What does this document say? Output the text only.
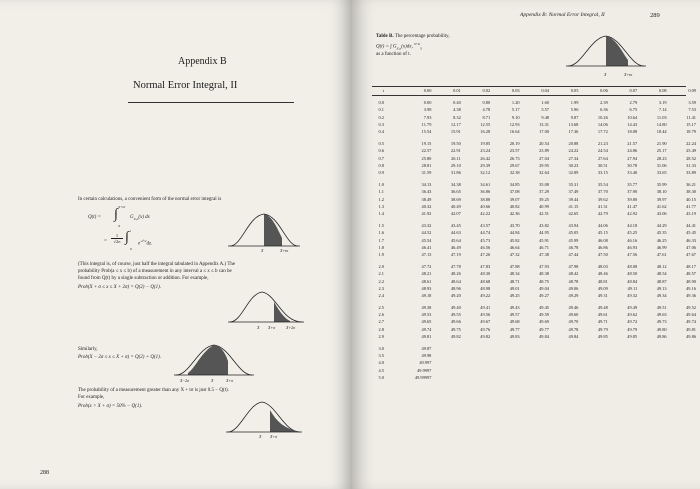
Appendix B
Normal Error Integral, II
In certain calculations, a convenient form of the normal error integral is
Q(t) = ∫ X+tσ
X
$G_{X,\sigma}(x)$ dx
=
1
√2π ∫ t
0
$e^{-z^2/2}dz$.
X	X+tσ
(This integral is, of course, just half the integral tabulated in Appendix A.) The
probability Prob(a ≤ x ≤ b) of a measurement in any interval a ≤ x ≤ b can be
found from Q(t) by a single subtraction or addition. For example,
Prob(X + σ ≤ x ≤ X + 2σ) = Q(2) − Q(1).
X X+σ	X+2σ
Similarly,
Prob(X − 2σ ≤ x ≤ X + σ) = Q(2) + Q(1).
X−2σ	X	X+σ
The probability of a measurement greater than any X + tσ is just 0.5 − Q(t).
For example,
Prob(x > X + σ) = 50% − Q(1).
X X+σ
288
Appendix B: Normal Error Integral, II	289
Table B. The percentage probability,
Q(t) = ∫ $G_{X,\sigma}(x)dx$, $^{X+t\sigma}_X$
as a function of t.
X	X+tσ
t	0.00	0.01	0.02	0.03	0.04	0.05	0.06	0.07	0.08	0.09
0.0	0.00	0.40	0.80	1.20	1.60	1.99	2.39	2.79	3.19	3.59
0.1	3.98	4.38	4.78	5.17	5.57	5.96	6.36	6.75	7.14	7.53
0.2	7.93	8.32	8.71	9.10	9.48	9.87	10.26	10.64	11.03	11.41
0.3	11.79	12.17	12.55	12.93	13.31	13.68	14.06	14.43	14.80	15.17
0.4	15.54	15.91	16.28	16.64	17.00	17.36	17.72	18.08	18.44	18.79
0.5	19.15	19.50	19.85	20.19	20.54	20.88	21.23	21.57	21.90	22.24
0.6	22.57	22.91	23.24	23.57	23.89	24.22	24.54	24.86	25.17	25.49
0.7	25.80	26.11	26.42	26.73	27.04	27.34	27.64	27.94	28.23	28.52
0.8	28.81	29.10	29.39	29.67	29.95	30.23	30.51	30.78	31.06	31.33
0.9	31.59	31.86	32.12	32.38	32.64	32.89	33.15	33.40	33.65	33.89
1.0	34.13	34.38	34.61	34.85	35.08	35.31	35.54	35.77	35.99	36.21
1.1	36.43	36.65	36.86	37.08	37.29	37.49	37.70	37.90	38.10	38.30
1.2	38.49	38.69	38.88	39.07	39.25	39.44	39.62	39.80	39.97	40.15
1.3	40.32	40.49	40.66	40.82	40.99	41.15	41.31	41.47	41.62	41.77
1.4	41.92	42.07	42.22	42.36	42.51	42.65	42.79	42.92	43.06	43.19
1.5	43.32	43.45	43.57	43.70	43.82	43.94	44.06	44.18	44.29	44.41
1.6	44.52	44.63	44.74	44.84	44.95	45.05	45.15	45.25	45.35	45.45
1.7	45.54	45.64	45.73	45.82	45.91	45.99	46.08	46.16	46.25	46.33
1.8	46.41	46.49	46.56	46.64	46.71	46.78	46.86	46.93	46.99	47.06
1.9	47.13	47.19	47.26	47.32	47.38	47.44	47.50	47.56	47.61	47.67
2.0	47.72	47.78	47.83	47.88	47.93	47.98	48.03	48.08	48.12	48.17
2.1	48.21	48.26	48.30	48.34	48.38	48.42	48.46	48.50	48.54	48.57
2.2	48.61	48.64	48.68	48.71	48.75	48.78	48.81	48.84	48.87	48.90
2.3	48.93	48.96	48.98	49.01	49.04	49.06	49.09	49.11	49.13	49.16
2.4	49.18	49.20	49.22	49.25	49.27	49.29	49.31	49.32	49.34	49.36
2.5	49.38	49.40	49.41	49.43	49.45	49.46	49.48	49.49	49.51	49.52
2.6	49.53	49.55	49.56	49.57	49.59	49.60	49.61	49.62	49.63	49.64
2.7	49.65	49.66	49.67	49.68	49.69	49.70	49.71	49.72	49.73	49.74
2.8	49.74	49.75	49.76	49.77	49.77	49.78	49.79	49.79	49.80	49.81
2.9	49.81	49.82	49.82	49.83	49.84	49.84	49.85	49.85	49.86	49.86
3.0	49.87
3.5	49.98
4.0	49.997
4.5	49.9997
5.0	49.99997
